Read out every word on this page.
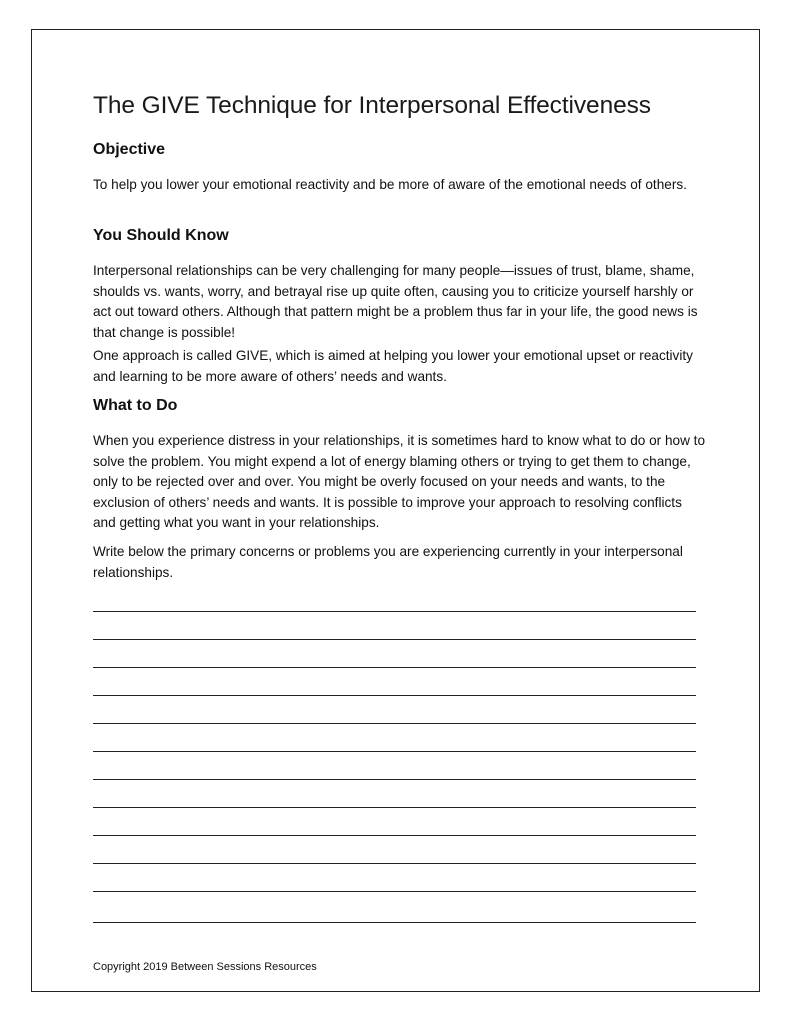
The GIVE Technique for Interpersonal Effectiveness
Objective

To help you lower your emotional reactivity and be more of aware of the emotional needs of others.

You Should Know

Interpersonal relationships can be very challenging for many people—issues of trust, blame, shame, shoulds vs. wants, worry, and betrayal rise up quite often, causing you to criticize yourself harshly or act out toward others. Although that pattern might be a problem thus far in your life, the good news is that change is possible!

One approach is called GIVE, which is aimed at helping you lower your emotional upset or reactivity and learning to be more aware of others’ needs and wants.

What to Do

When you experience distress in your relationships, it is sometimes hard to know what to do or how to solve the problem. You might expend a lot of energy blaming others or trying to get them to change, only to be rejected over and over. You might be overly focused on your needs and wants, to the exclusion of others’ needs and wants. It is possible to improve your approach to resolving conflicts and getting what you want in your relationships.

Write below the primary concerns or problems you are experiencing currently in your interpersonal relationships.

Copyright 2019 Between Sessions Resources
